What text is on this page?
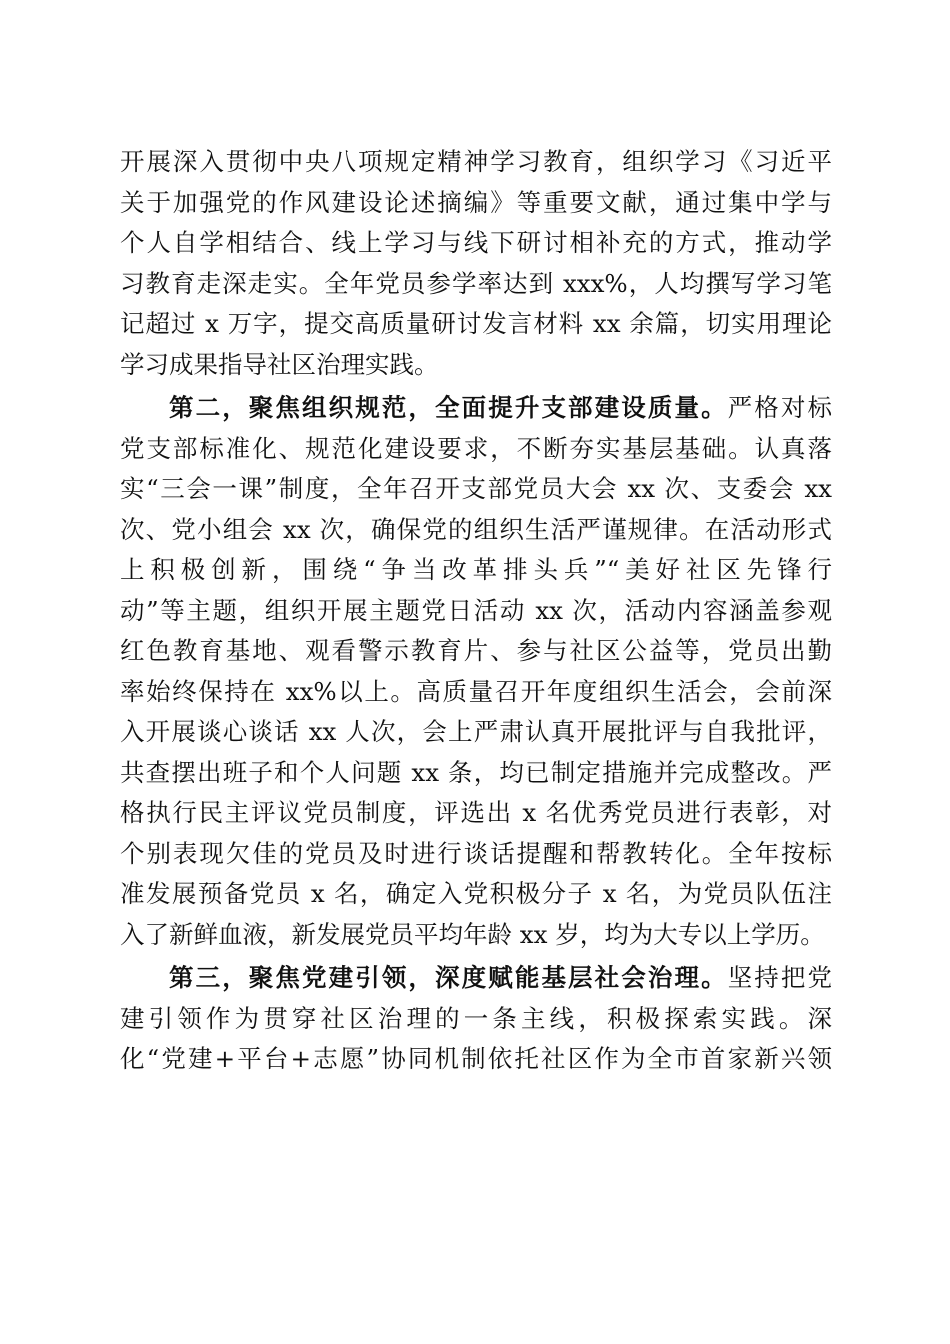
开展深入贯彻中央八项规定精神学习教育，组织学习《习近平
关于加强党的作风建设论述摘编》等重要文献，通过集中学与
个人自学相结合、线上学习与线下研讨相补充的方式，推动学
习教育走深走实。全年党员参学率达到 xxx%，人均撰写学习笔
记超过 x 万字，提交高质量研讨发言材料 xx 余篇，切实用理论
学习成果指导社区治理实践。
第二，聚焦组织规范，全面提升支部建设质量。严格对标
党支部标准化、规范化建设要求，不断夯实基层基础。认真落
实“三会一课”制度，全年召开支部党员大会 xx 次、支委会 xx
次、党小组会 xx 次，确保党的组织生活严谨规律。在活动形式
上积极创新，围绕“争当改革排头兵”“美好社区先锋行
动”等主题，组织开展主题党日活动 xx 次，活动内容涵盖参观
红色教育基地、观看警示教育片、参与社区公益等，党员出勤
率始终保持在 xx%以上。高质量召开年度组织生活会，会前深
入开展谈心谈话 xx 人次，会上严肃认真开展批评与自我批评，
共查摆出班子和个人问题 xx 条，均已制定措施并完成整改。严
格执行民主评议党员制度，评选出 x 名优秀党员进行表彰，对
个别表现欠佳的党员及时进行谈话提醒和帮教转化。全年按标
准发展预备党员 x 名，确定入党积极分子 x 名，为党员队伍注
入了新鲜血液，新发展党员平均年龄 xx 岁，均为大专以上学历。
第三，聚焦党建引领，深度赋能基层社会治理。坚持把党
建引领作为贯穿社区治理的一条主线，积极探索实践。深
化“党建+平台+志愿”协同机制依托社区作为全市首家新兴领
